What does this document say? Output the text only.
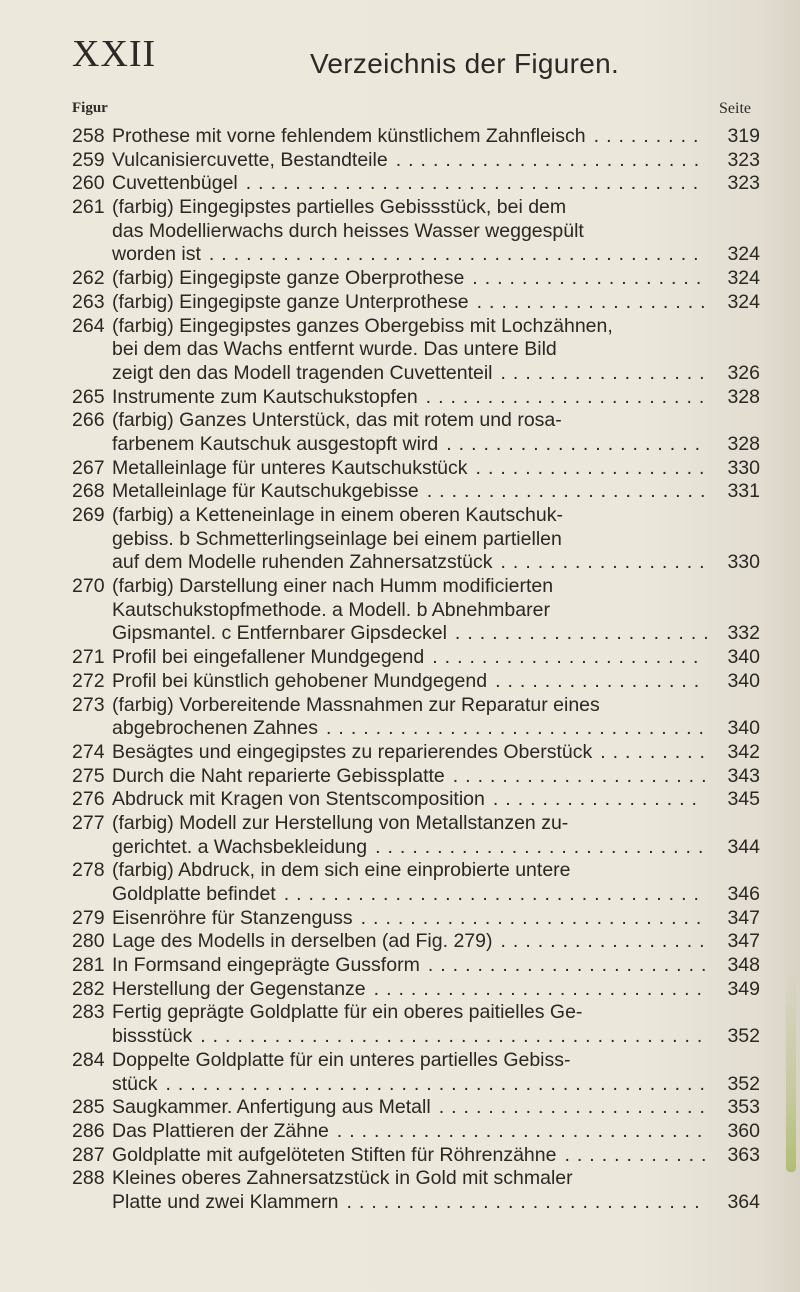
XXII	Verzeichnis der Figuren.
Figur	Seite
258 Prothese mit vorne fehlendem künstlichem Zahnfleisch .........	319
259 Vulcanisiercuvette, Bestandteile .........................	323
260 Cuvettenbügel .....................................	323
261 (farbig) Eingegipstes partielles Gebissstück, bei dem
das Modellierwachs durch heisses Wasser weggespült
worden ist ........................................	324
262 (farbig) Eingegipste ganze Oberprothese ................... 324
263 (farbig) Eingegipste ganze Unterprothese ................... 324
264 (farbig) Eingegipstes ganzes Obergebiss mit Lochzähnen,
bei dem das Wachs entfernt wurde. Das untere Bild
zeigt den das Modell tragenden Cuvettenteil ................. 326
265 Instrumente zum Kautschukstopfen ....................... 328
266 (farbig) Ganzes Unterstück, das mit rotem und rosa-
farbenem Kautschuk ausgestopft wird .....................	328
267 Metalleinlage für unteres Kautschukstück ................... 330
268 Metalleinlage für Kautschukgebisse ....................... 331
269 (farbig) a Ketteneinlage in einem oberen Kautschuk-
gebiss. b Schmetterlingseinlage bei einem partiellen
auf dem Modelle ruhenden Zahnersatzstück ................. 330
270 (farbig) Darstellung einer nach Humm modificierten
Kautschukstopfmethode. a Modell. b Abnehmbarer
Gipsmantel. c Entfernbarer Gipsdeckel ..................... 332
271 Profil bei eingefallener Mundgegend ......................	340
272 Profil bei künstlich gehobener Mundgegend .................	340
273 (farbig) Vorbereitende Massnahmen zur Reparatur eines
abgebrochenen Zahnes ............................... 340
274 Besägtes und eingegipstes zu reparierendes Oberstück ......... 342
275 Durch die Naht reparierte Gebissplatte ..................... 343
276 Abdruck mit Kragen von Stentscomposition .................	345
277 (farbig) Modell zur Herstellung von Metallstanzen zu-
gerichtet. a Wachsbekleidung ........................... 344
278 (farbig) Abdruck, in dem sich eine einprobierte untere
Goldplatte befindet ..................................	346
279 Eisenröhre für Stanzenguss ............................ 347
280 Lage des Modells in derselben (ad Fig. 279) ................. 347
281 In Formsand eingeprägte Gussform ....................... 348
282 Herstellung der Gegenstanze ........................... 349
283 Fertig geprägte Goldplatte für ein oberes paitielles Ge-
bissstück ......................................... 352
284 Doppelte Goldplatte für ein unteres partielles Gebiss-
stück ............................................ 352
285 Saugkammer. Anfertigung aus Metall ...................... 353
286 Das Plattieren der Zähne .............................. 360
287 Goldplatte mit aufgelöteten Stiften für Röhrenzähne ............ 363
288 Kleines oberes Zahnersatzstück in Gold mit schmaler
Platte und zwei Klammern .............................	364
